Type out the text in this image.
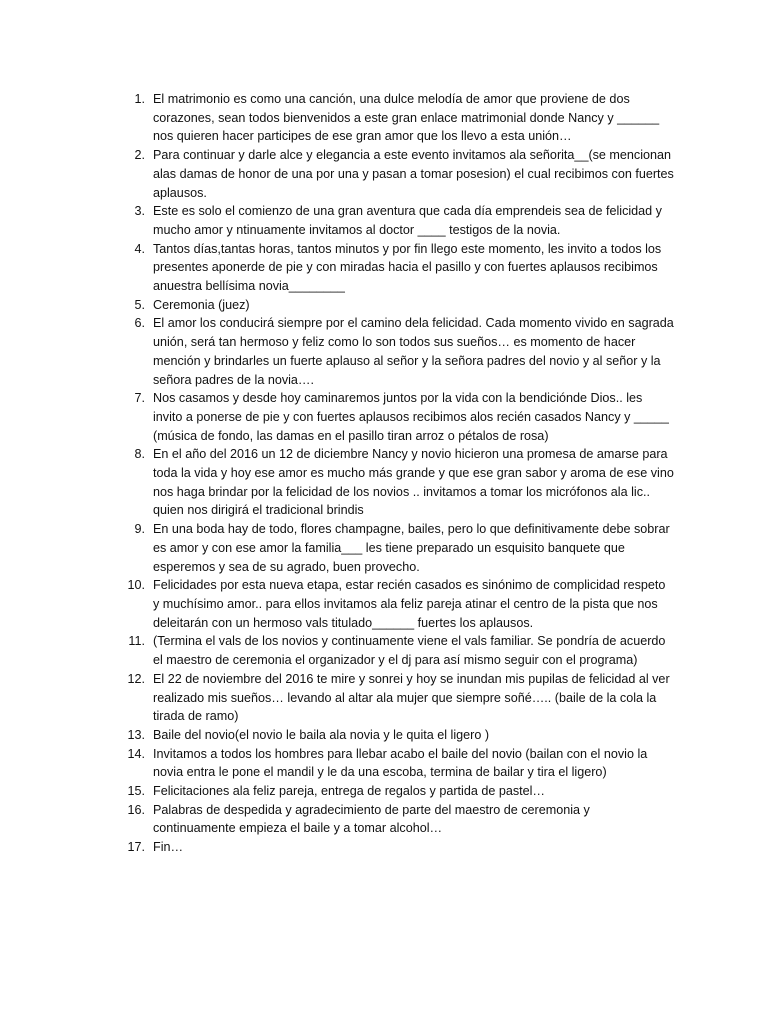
1. El matrimonio es como una canción, una dulce melodía de amor que proviene de dos corazones, sean todos bienvenidos a este gran enlace matrimonial donde Nancy y ______ nos quieren hacer participes de ese gran amor que los llevo a esta unión…
2. Para continuar y darle alce y elegancia a este evento invitamos ala señorita__(se mencionan alas damas de honor de una por una y pasan a tomar posesion) el cual recibimos con fuertes aplausos.
3. Este es solo el comienzo de una gran aventura que cada día emprendeis sea de felicidad y mucho amor y ntinuamente invitamos al doctor ____ testigos de la novia.
4. Tantos días,tantas horas, tantos minutos y por fin llego este momento, les invito a todos los presentes aponerde de pie y con miradas hacia el pasillo y con fuertes aplausos recibimos anuestra bellísima novia________
5. Ceremonia (juez)
6. El amor los conducirá siempre por el camino dela felicidad. Cada momento vivido en sagrada unión, será tan hermoso y feliz como lo son todos sus sueños… es momento de hacer mención y brindarles un fuerte aplauso al señor y la señora padres del novio y al señor y la señora padres de la novia….
7. Nos casamos y desde hoy caminaremos juntos por la vida con la bendiciónde Dios.. les invito a ponerse de pie y con fuertes aplausos recibimos alos recién casados Nancy y _____ (música de fondo, las damas en el pasillo tiran arroz o pétalos de rosa)
8. En el año del 2016 un 12 de diciembre Nancy y novio hicieron una promesa de amarse para toda la vida y hoy ese amor es mucho más grande y que ese gran sabor y aroma de ese vino nos haga brindar por la felicidad de los novios .. invitamos a tomar los micrófonos ala lic.. quien nos dirigirá el tradicional brindis
9. En una boda hay de todo, flores champagne, bailes, pero lo que definitivamente debe sobrar es amor y con ese amor la familia___ les tiene preparado un esquisito banquete que esperemos y sea de su agrado, buen provecho.
10. Felicidades por esta nueva etapa, estar recién casados es sinónimo de complicidad respeto y muchísimo amor.. para ellos invitamos ala feliz pareja atinar el centro de la pista que nos deleitarán con un hermoso vals titulado______ fuertes los aplausos.
11. (Termina el vals de los novios y continuamente viene el vals familiar. Se pondría de acuerdo el maestro de ceremonia el organizador y el dj para así mismo seguir con el programa)
12. El 22 de noviembre del 2016 te mire y sonrei y hoy se inundan mis pupilas de felicidad al ver realizado mis sueños… levando al altar ala mujer que siempre soñé….. (baile de la cola la tirada de ramo)
13. Baile del novio(el novio le baila ala novia y le quita el ligero )
14. Invitamos a todos los hombres para llebar acabo el baile del novio (bailan con el novio la novia entra le pone el mandil y le da una escoba, termina de bailar y tira el ligero)
15. Felicitaciones ala feliz pareja, entrega de regalos y partida de pastel…
16. Palabras de despedida y agradecimiento de parte del maestro de ceremonia y continuamente empieza el baile y a tomar alcohol…
17. Fin…
